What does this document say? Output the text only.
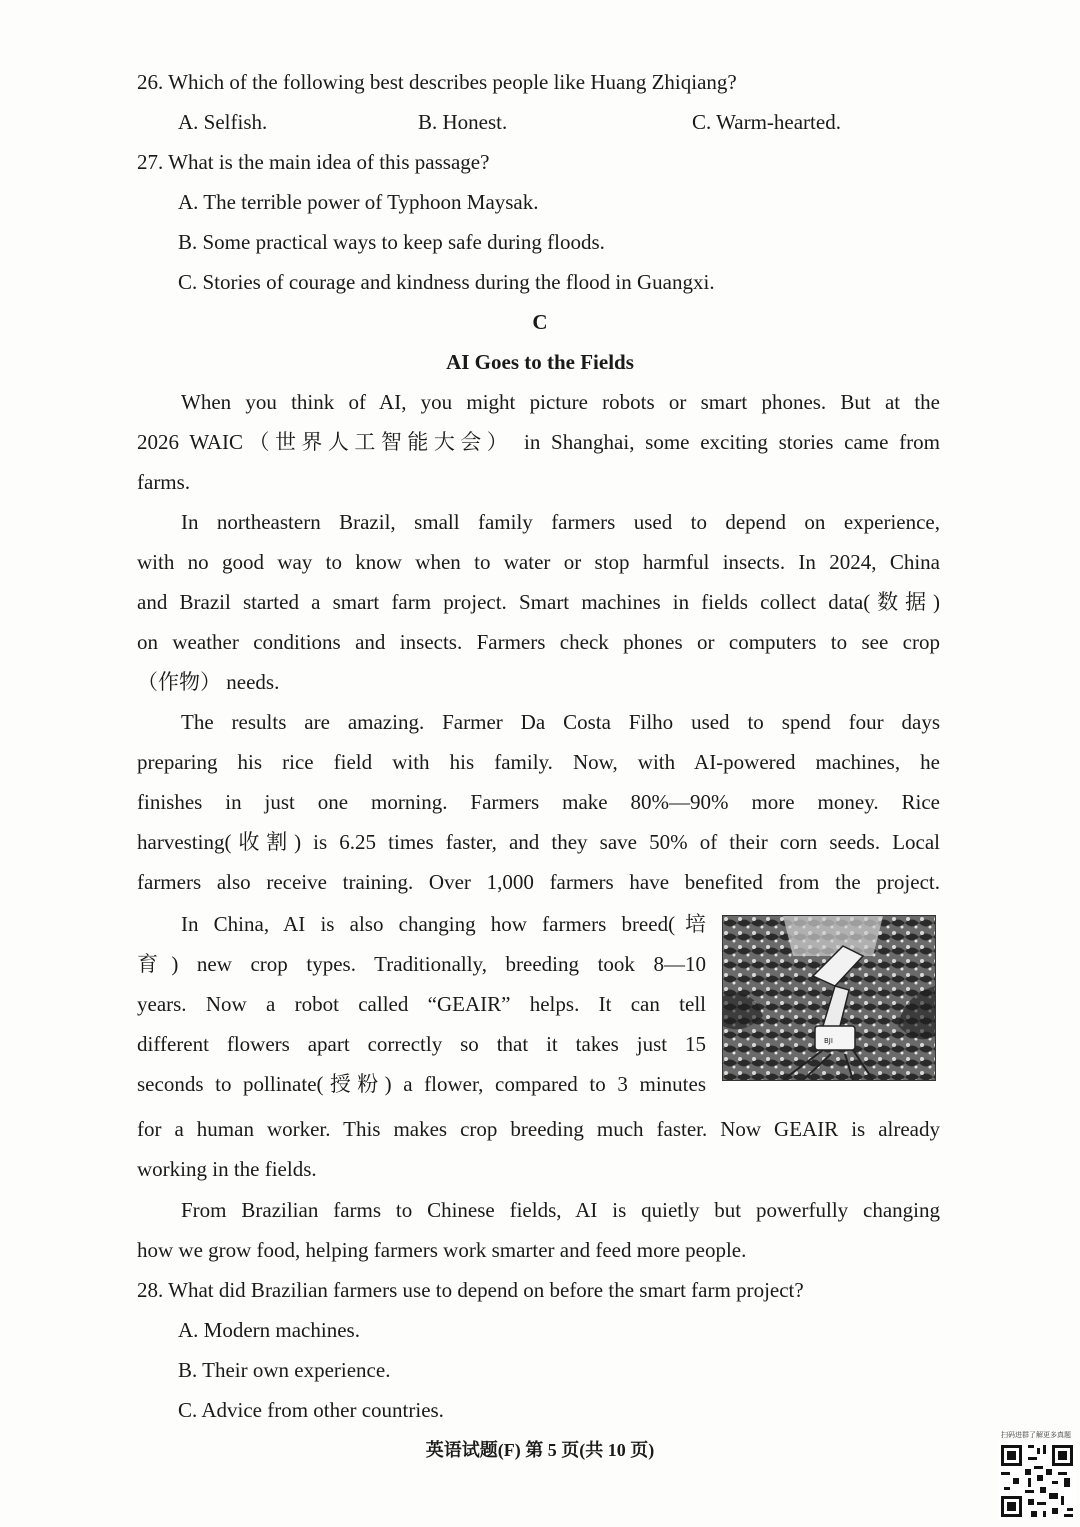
26. Which of the following best describes people like Huang Zhiqiang?
A. Selfish.	B. Honest.	C. Warm-hearted.
27. What is the main idea of this passage?
A. The terrible power of Typhoon Maysak.
B. Some practical ways to keep safe during floods.
C. Stories of courage and kindness during the flood in Guangxi.
C
AI Goes to the Fields
When you think of AI, you might picture robots or smart phones. But at the
2026 WAIC（世界人工智能大会） in Shanghai, some exciting stories came from
farms.
In northeastern Brazil, small family farmers used to depend on experience,
with no good way to know when to water or stop harmful insects. In 2024, China
and Brazil started a smart farm project. Smart machines in fields collect data(数据)
on weather conditions and insects. Farmers check phones or computers to see crop
（作物） needs.
The results are amazing. Farmer Da Costa Filho used to spend four days
preparing his rice field with his family. Now, with AI-powered machines, he
finishes in just one morning. Farmers make 80%—90% more money. Rice
harvesting(收割) is 6.25 times faster, and they save 50% of their corn seeds. Local
farmers also receive training. Over 1,000 farmers have benefited from the project.
In China, AI is also changing how farmers breed(培
育) new crop types. Traditionally, breeding took 8—10
years. Now a robot called “GEAIR” helps. It can tell
different flowers apart correctly so that it takes just 15
seconds to pollinate(授粉) a flower, compared to 3 minutes
for a human worker. This makes crop breeding much faster. Now GEAIR is already
working in the fields.
BJI
From Brazilian farms to Chinese fields, AI is quietly but powerfully changing
how we grow food, helping farmers work smarter and feed more people.
28. What did Brazilian farmers use to depend on before the smart farm project?
A. Modern machines.
B. Their own experience.
C. Advice from other countries.
英语试题(F) 第 5 页(共 10 页)
扫码进群了解更多真题
